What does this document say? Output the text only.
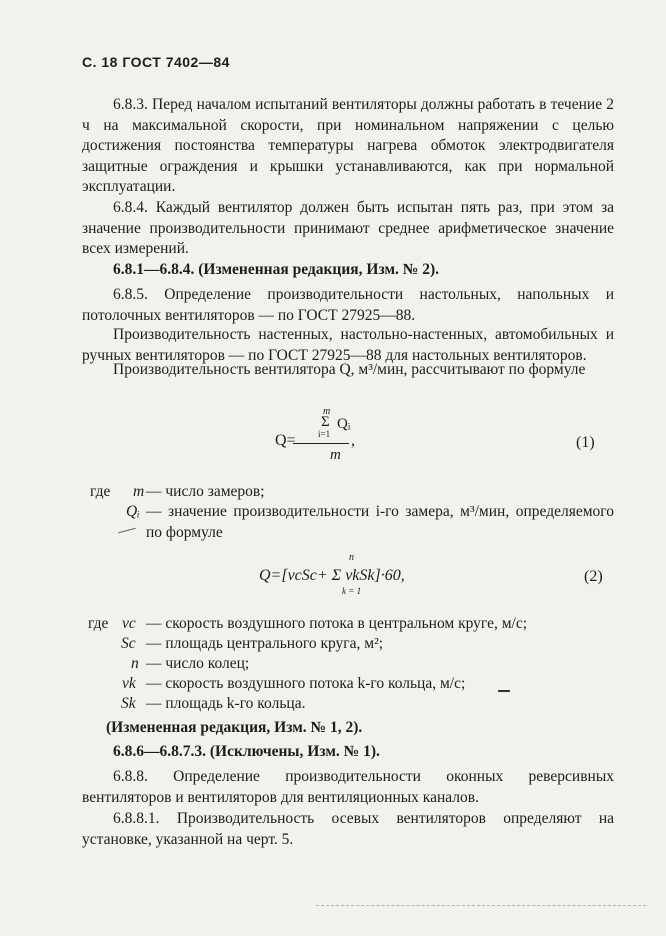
С. 18 ГОСТ 7402—84
6.8.3. Перед началом испытаний вентиляторы должны работать в течение 2 ч на максимальной скорости, при номинальном напряжении с целью достижения постоянства температуры нагрева обмоток электродвигателя защитные ограждения и крышки устанавливаются, как при нормальной эксплуатации.
6.8.4. Каждый вентилятор должен быть испытан пять раз, при этом за значение производительности принимают среднее арифметическое значение всех измерений.
6.8.1—6.8.4. (Измененная редакция, Изм. № 2).
6.8.5. Определение производительности настольных, напольных и потолочных вентиляторов — по ГОСТ 27925—88.
Производительность настенных, настольно-настенных, автомобильных и ручных вентиляторов — по ГОСТ 27925—88 для настольных вентиляторов.
Производительность вентилятора Q, м³/мин, рассчитывают по формуле
Q=
m
Σ Qᵢ
i=1
m
,	(1)
где m — число замеров;
Qᵢ — значение производительности i-го замера, м³/мин, определяемого по формуле
n
Q=[vcSc+ Σ vkSk]·60,
k = 1
(2)
где vc — скорость воздушного потока в центральном круге, м/с;
Sc — площадь центрального круга, м²;
n — число колец;
vk — скорость воздушного потока k-го кольца, м/с;
Sk — площадь k-го кольца.
(Измененная редакция, Изм. № 1, 2).
6.8.6—6.8.7.3. (Исключены, Изм. № 1).
6.8.8. Определение производительности оконных реверсивных вентиляторов и вентиляторов для вентиляционных каналов.
6.8.8.1. Производительность осевых вентиляторов определяют на установке, указанной на черт. 5.
